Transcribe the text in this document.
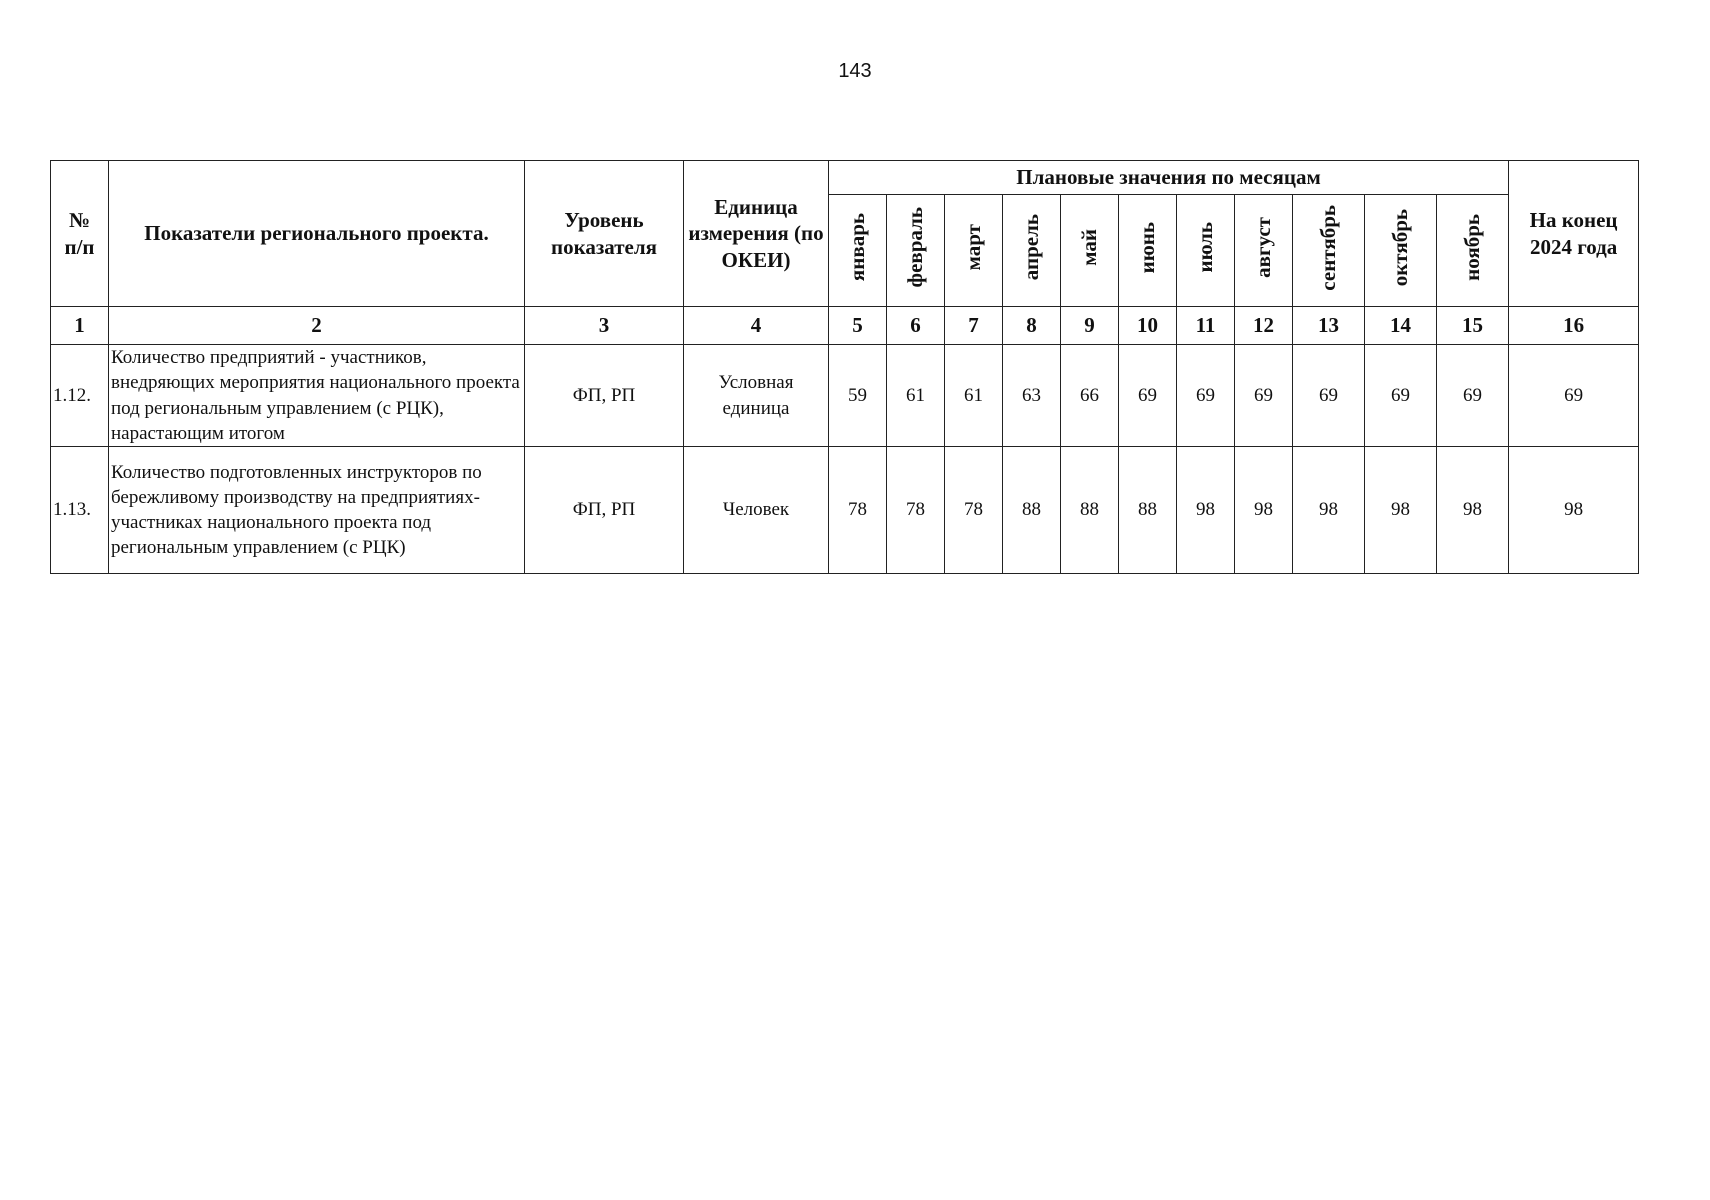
143
№
п/п	Показатели регионального проекта.	Уровень показателя	Единица измерения (по ОКЕИ)	Плановые значения по месяцам											На конец 2024 года
				январь	февраль	март	апрель	май	июнь	июль	август	сентябрь	октябрь	ноябрь	
1	2	3	4	5	6	7	8	9	10	11	12	13	14	15	16
1.12.	Количество предприятий - участников, внедряющих мероприятия национального проекта под региональным управлением (с РЦК), нарастающим итогом	ФП, РП	Условная единица	59	61	61	63	66	69	69	69	69	69	69	69
1.13.	Количество подготовленных инструкторов по бережливому производству на предприятиях-участниках национального проекта под региональным управлением (с РЦК)	ФП, РП	Человек	78	78	78	88	88	88	98	98	98	98	98	98
